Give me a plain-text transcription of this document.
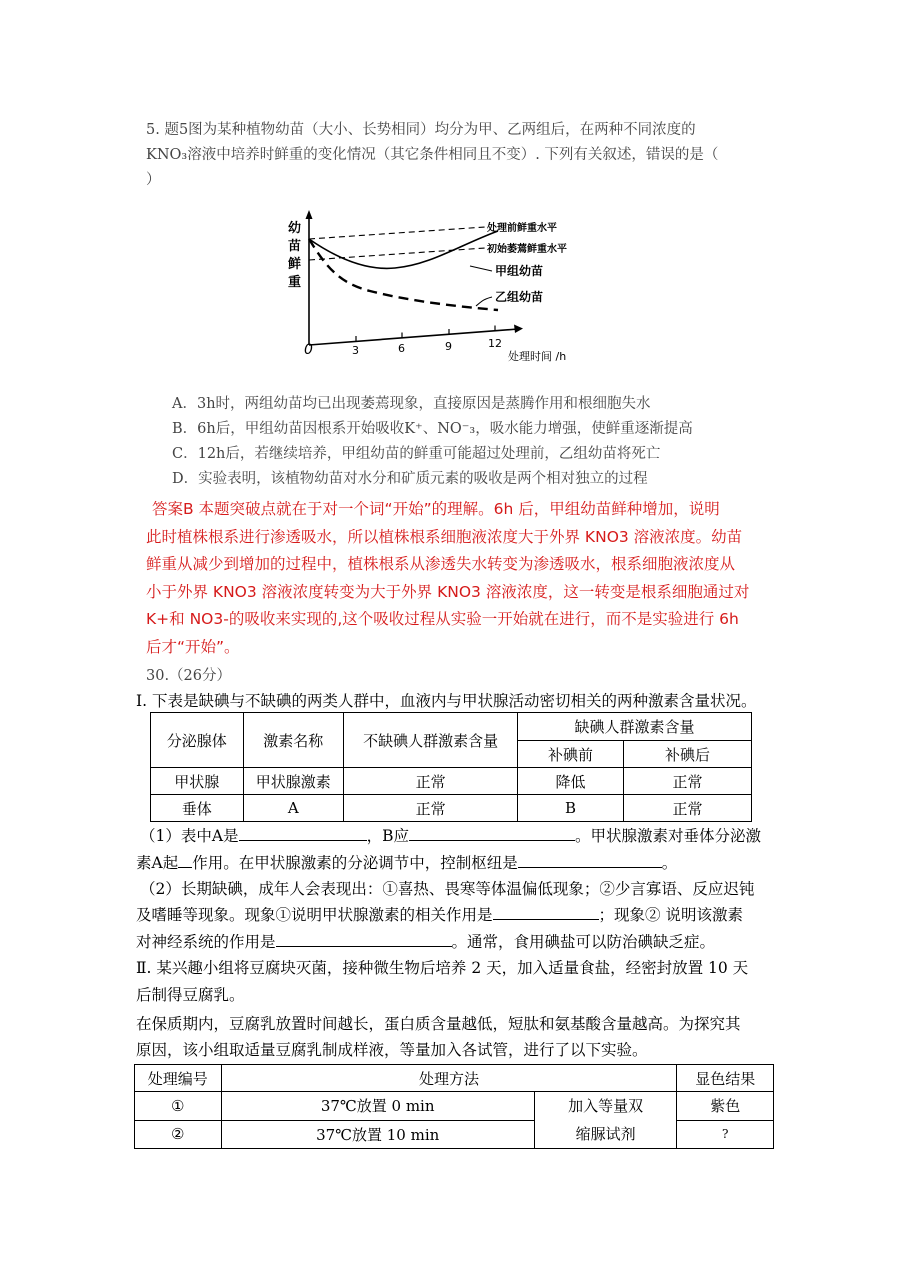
5. 题5图为某种植物幼苗（大小、长势相同）均分为甲、乙两组后，在两种不同浓度的
KNO₃溶液中培养时鲜重的变化情况（其它条件相同且不变）. 下列有关叙述，错误的是（
）
0	3	6	9	12
处理时间 /h
幼
苗
鲜
重
处理前鲜重水平
初始萎蔫鲜重水平
甲组幼苗
乙组幼苗
A．3h时，两组幼苗均已出现萎蔫现象，直接原因是蒸腾作用和根细胞失水
B．6h后，甲组幼苗因根系开始吸收K⁺、NO⁻₃，吸水能力增强，使鲜重逐渐提高
C．12h后，若继续培养，甲组幼苗的鲜重可能超过处理前，乙组幼苗将死亡
D．实验表明，该植物幼苗对水分和矿质元素的吸收是两个相对独立的过程
答案B 本题突破点就在于对一个词“开始”的理解。6h 后，甲组幼苗鲜种增加，说明
此时植株根系进行渗透吸水，所以植株根系细胞液浓度大于外界 KNO3 溶液浓度。幼苗
鲜重从减少到增加的过程中，植株根系从渗透失水转变为渗透吸水，根系细胞液浓度从
小于外界 KNO3 溶液浓度转变为大于外界 KNO3 溶液浓度，这一转变是根系细胞通过对
K+和 NO3-的吸收来实现的,这个吸收过程从实验一开始就在进行，而不是实验进行 6h
后才“开始”。
30.（26分）
Ⅰ. 下表是缺碘与不缺碘的两类人群中，血液内与甲状腺活动密切相关的两种激素含量状况。
分泌腺体	激素名称	不缺碘人群激素含量	缺碘人群激素含量	
			补碘前	补碘后
甲状腺	甲状腺激素	正常	降低	正常
垂体	A	正常	B	正常
（1）表中A是	，B应	。甲状腺激素对垂体分泌激
素A起 作用。在甲状腺激素的分泌调节中，控制枢纽是	。
（2）长期缺碘，成年人会表现出：①喜热、畏寒等体温偏低现象；②少言寡语、反应迟钝
及嗜睡等现象。现象①说明甲状腺激素的相关作用是	；现象② 说明该激素
对神经系统的作用是	。通常，食用碘盐可以防治碘缺乏症。
Ⅱ. 某兴趣小组将豆腐块灭菌，接种微生物后培养 2 天，加入适量食盐，经密封放置 10 天
后制得豆腐乳。
在保质期内，豆腐乳放置时间越长，蛋白质含量越低，短肽和氨基酸含量越高。为探究其
原因，该小组取适量豆腐乳制成样液，等量加入各试管，进行了以下实验。
处理编号	处理方法		显色结果
①	37℃放置 0 min	加入等量双缩脲试剂	紫色
②	37℃放置 10 min		?
